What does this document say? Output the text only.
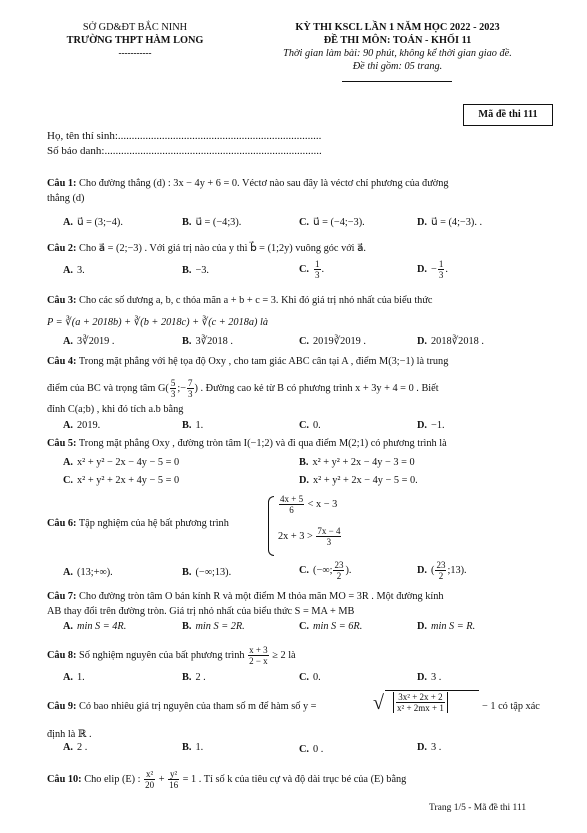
SỞ GD&ĐT BẮC NINH
TRƯỜNG THPT HÀM LONG
-----------
KỲ THI KSCL LẦN 1 NĂM HỌC 2022 - 2023
ĐỀ THI MÔN: TOÁN - KHỐI 11
Thời gian làm bài: 90 phút, không kể thời gian giao đề.
Đề thi gồm: 05 trang.
Mã đề thi 111
Họ, tên thí sinh:..........................................................................
Số báo danh:...............................................................................
Câu 1: Cho đường thẳng (d) : 3x − 4y + 6 = 0. Véctơ nào sau đây là véctơ chỉ phương của đường
thẳng (d)
A. u⃗ = (3;−4).	B. u⃗ = (−4;3).	C. u⃗ = (−4;−3).	D. u⃗ = (4;−3). .
Câu 2: Cho a⃗ = (2;−3) . Với giá trị nào của y thì b⃗ = (1;2y) vuông góc với a⃗.
A. 3.	B. −3.	C. $\frac{1}{3}$ .	D. − $\frac{1}{3}$ .
Câu 3: Cho các số dương a, b, c thỏa mãn a + b + c = 3. Khi đó giá trị nhỏ nhất của biểu thức
P = ∛(a + 2018b) + ∛(b + 2018c) + ∛(c + 2018a) là
A. 3∛2019 .	B. 3∛2018 .	C. 2019∛2019 .	D. 2018∛2018 .
Câu 4: Trong mặt phẳng với hệ tọa độ Oxy , cho tam giác ABC cân tại A , điểm M(3;−1) là trung
điểm của BC và trọng tâm $G( \frac{5}{3}$ ;− $\frac{7}{3}$ ) . Đường cao kẻ từ B có phương trình x + 3y + 4 = 0 . Biết
đỉnh C(a;b) , khi đó tích a.b bằng
A. 2019.	B. 1.	C. 0.	D. −1.
Câu 5: Trong mặt phẳng Oxy , đường tròn tâm I(−1;2) và đi qua điểm M(2;1) có phương trình là
A. x² + y² − 2x − 4y − 5 = 0	B. x² + y² + 2x − 4y − 3 = 0
C. x² + y² + 2x + 4y − 5 = 0	D. x² + y² + 2x − 4y − 5 = 0.
Câu 6: Tập nghiệm của hệ bất phương trình
$\frac{4x + 5}{6} < x - 3$
$2x + 3 > \frac{7x - 4}{3}$
A. (13;+∞).	B. (−∞;13).	C. (−∞; $\frac{23}{2}$ ).	D. ( $\frac{23}{2}$ ;13).
Câu 7: Cho đường tròn tâm O bán kính R và một điểm M thỏa mãn MO = 3R . Một đường kính
AB thay đổi trên đường tròn. Giá trị nhỏ nhất của biểu thức S = MA + MB
A. min S = 4R.	B. min S = 2R.	C. min S = 6R.	D. min S = R.
Câu 8: Số nghiệm nguyên của bất phương trình $\frac{x + 3}{2 - x} \ge 2$ là
A. 1.	B. 2 .	C. 0.	D. 3 .
Câu 9: Có bao nhiêu giá trị nguyên của tham số m để hàm số y =	√ $\frac{\text{3x² + 2x + 2}}{\text{x² + 2mx + 1}}$	− 1 có tập xác
định là ℝ .
A. 2 .	B. 1.	C. 0 .	D. 3 .
Câu 10: Cho elip (E) : $\frac{\text{x²}}{20} + \frac{\text{y²}}{16} = 1$ . Tỉ số k của tiêu cự và độ dài trục bé của (E) bằng
Trang 1/5 - Mã đề thi 111
